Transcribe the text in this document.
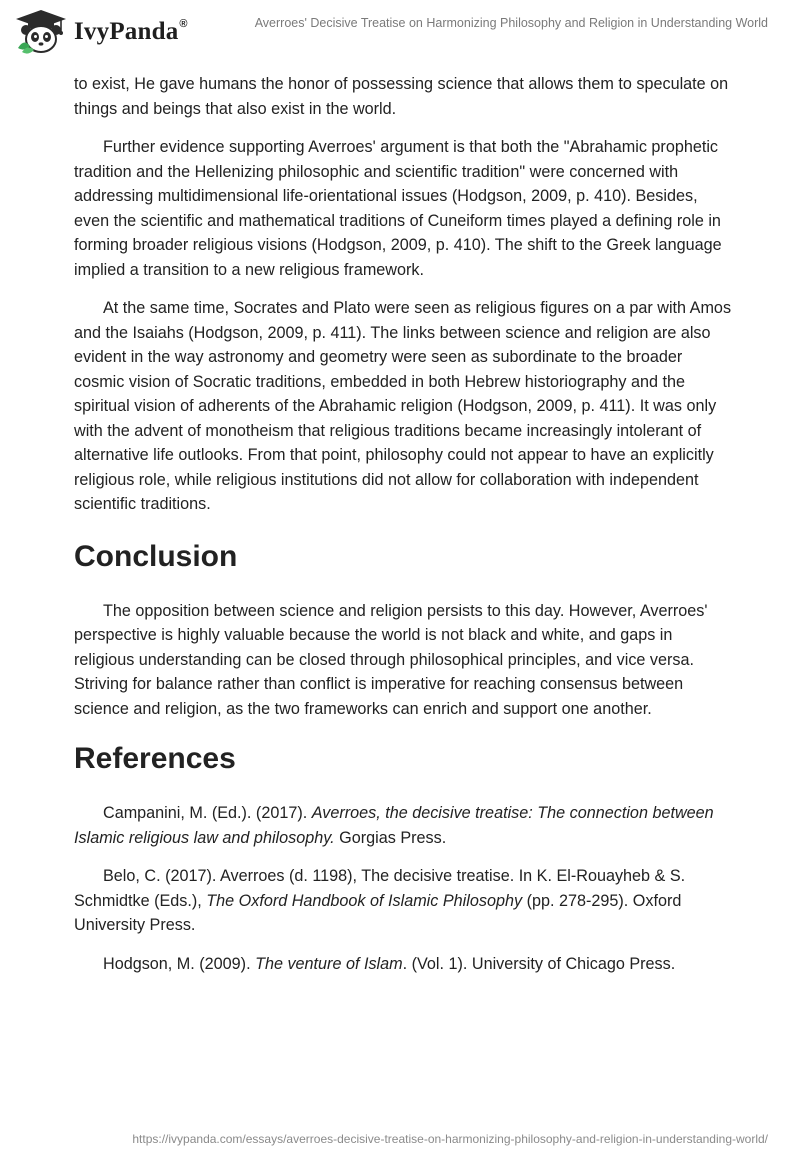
IvyPanda®	Averroes' Decisive Treatise on Harmonizing Philosophy and Religion in Understanding World

to exist, He gave humans the honor of possessing science that allows them to speculate on things and beings that also exist in the world.

Further evidence supporting Averroes' argument is that both the "Abrahamic prophetic tradition and the Hellenizing philosophic and scientific tradition" were concerned with addressing multidimensional life-orientational issues (Hodgson, 2009, p. 410). Besides, even the scientific and mathematical traditions of Cuneiform times played a defining role in forming broader religious visions (Hodgson, 2009, p. 410). The shift to the Greek language implied a transition to a new religious framework.

At the same time, Socrates and Plato were seen as religious figures on a par with Amos and the Isaiahs (Hodgson, 2009, p. 411). The links between science and religion are also evident in the way astronomy and geometry were seen as subordinate to the broader cosmic vision of Socratic traditions, embedded in both Hebrew historiography and the spiritual vision of adherents of the Abrahamic religion (Hodgson, 2009, p. 411). It was only with the advent of monotheism that religious traditions became increasingly intolerant of alternative life outlooks. From that point, philosophy could not appear to have an explicitly religious role, while religious institutions did not allow for collaboration with independent scientific traditions.

Conclusion

The opposition between science and religion persists to this day. However, Averroes' perspective is highly valuable because the world is not black and white, and gaps in religious understanding can be closed through philosophical principles, and vice versa. Striving for balance rather than conflict is imperative for reaching consensus between science and religion, as the two frameworks can enrich and support one another.

References

Campanini, M. (Ed.). (2017). Averroes, the decisive treatise: The connection between Islamic religious law and philosophy. Gorgias Press.

Belo, C. (2017). Averroes (d. 1198), The decisive treatise. In K. El-Rouayheb & S. Schmidtke (Eds.), The Oxford Handbook of Islamic Philosophy (pp. 278-295). Oxford University Press.

Hodgson, M. (2009). The venture of Islam. (Vol. 1). University of Chicago Press.

https://ivypanda.com/essays/averroes-decisive-treatise-on-harmonizing-philosophy-and-religion-in-understanding-world/
